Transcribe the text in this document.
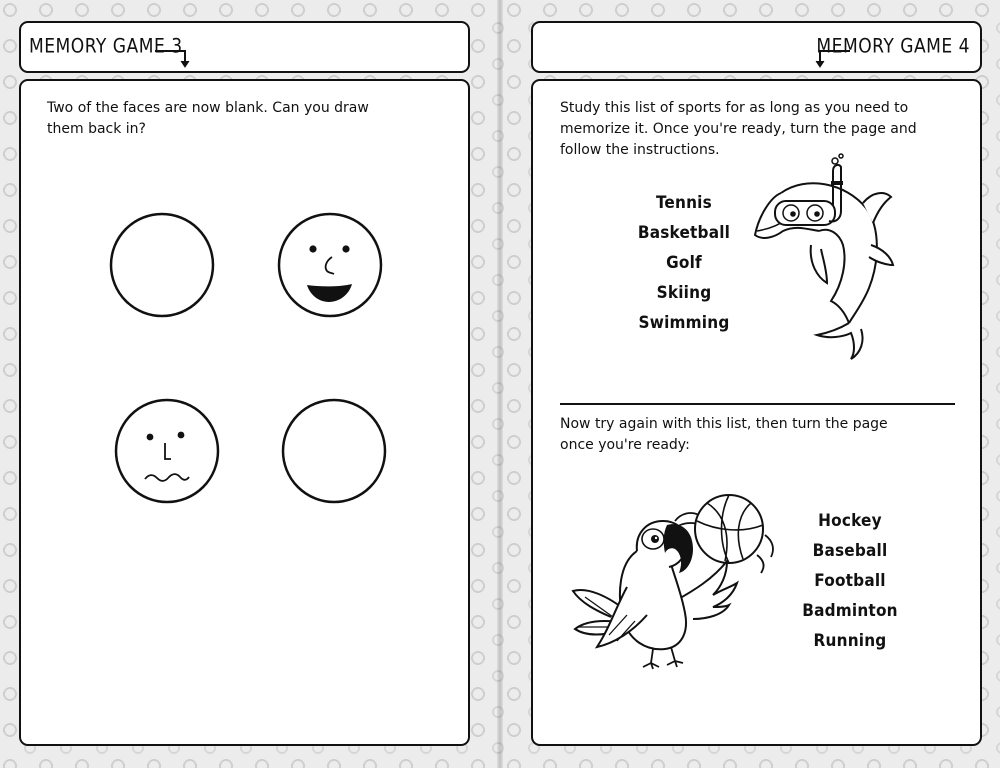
MEMORY GAME 3
Two of the faces are now blank. Can you draw them back in?
MEMORY GAME 4
Study this list of sports for as long as you need to memorize it. Once you're ready, turn the page and follow the instructions.
Tennis
Basketball
Golf
Skiing
Swimming
Now try again with this list, then turn the page once you're ready:
Hockey
Baseball
Football
Badminton
Running
